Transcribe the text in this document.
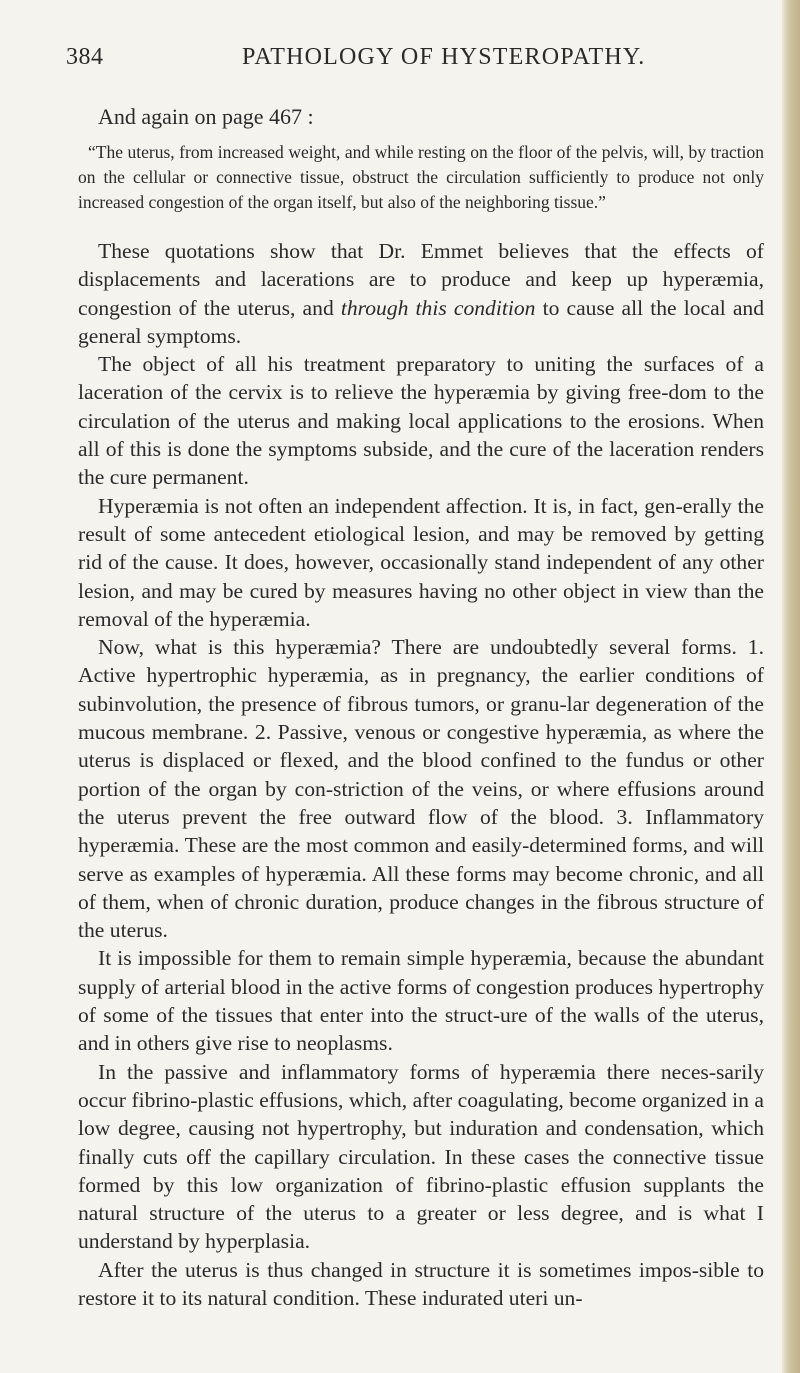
384	PATHOLOGY OF HYSTEROPATHY.

And again on page 467 :

“The uterus, from increased weight, and while resting on the floor of the pelvis, will, by traction on the cellular or connective tissue, obstruct the circulation sufficiently to produce not only increased congestion of the organ itself, but also of the neighboring tissue.”

These quotations show that Dr. Emmet believes that the effects of displacements and lacerations are to produce and keep up hyperæmia, congestion of the uterus, and through this condition to cause all the local and general symptoms.

The object of all his treatment preparatory to uniting the surfaces of a laceration of the cervix is to relieve the hyperæmia by giving free-dom to the circulation of the uterus and making local applications to the erosions. When all of this is done the symptoms subside, and the cure of the laceration renders the cure permanent.

Hyperæmia is not often an independent affection. It is, in fact, gen-erally the result of some antecedent etiological lesion, and may be removed by getting rid of the cause. It does, however, occasionally stand independent of any other lesion, and may be cured by measures having no other object in view than the removal of the hyperæmia.

Now, what is this hyperæmia? There are undoubtedly several forms. 1. Active hypertrophic hyperæmia, as in pregnancy, the earlier conditions of subinvolution, the presence of fibrous tumors, or granu-lar degeneration of the mucous membrane. 2. Passive, venous or congestive hyperæmia, as where the uterus is displaced or flexed, and the blood confined to the fundus or other portion of the organ by con-striction of the veins, or where effusions around the uterus prevent the free outward flow of the blood. 3. Inflammatory hyperæmia. These are the most common and easily-determined forms, and will serve as examples of hyperæmia. All these forms may become chronic, and all of them, when of chronic duration, produce changes in the fibrous structure of the uterus.

It is impossible for them to remain simple hyperæmia, because the abundant supply of arterial blood in the active forms of congestion produces hypertrophy of some of the tissues that enter into the struct-ure of the walls of the uterus, and in others give rise to neoplasms.

In the passive and inflammatory forms of hyperæmia there neces-sarily occur fibrino-plastic effusions, which, after coagulating, become organized in a low degree, causing not hypertrophy, but induration and condensation, which finally cuts off the capillary circulation. In these cases the connective tissue formed by this low organization of fibrino-plastic effusion supplants the natural structure of the uterus to a greater or less degree, and is what I understand by hyperplasia.

After the uterus is thus changed in structure it is sometimes impos-sible to restore it to its natural condition. These indurated uteri un-
